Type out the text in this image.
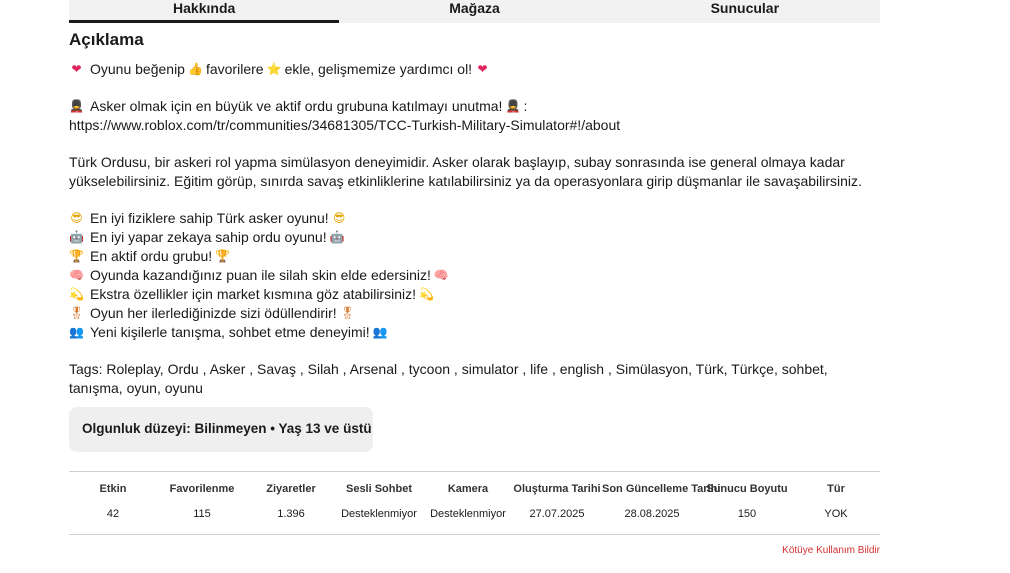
Hakkında	Mağaza	Sunucular
Açıklama
❤ Oyunu beğenip 👍 favorilere ⭐ ekle, gelişmemize yardımcı ol! ❤
💂 Asker olmak için en büyük ve aktif ordu grubuna katılmayı unutma! 💂 :
https://www.roblox.com/tr/communities/34681305/TCC-Turkish-Military-Simulator#!/about
Türk Ordusu, bir askeri rol yapma simülasyon deneyimidir. Asker olarak başlayıp, subay sonrasında ise general olmaya kadar yükselebilirsiniz. Eğitim görüp, sınırda savaş etkinliklerine katılabilirsiniz ya da operasyonlara girip düşmanlar ile savaşabilirsiniz.
😎 En iyi fiziklere sahip Türk asker oyunu! 😎
🤖 En iyi yapar zekaya sahip ordu oyunu! 🤖
🏆 En aktif ordu grubu! 🏆
🧠 Oyunda kazandığınız puan ile silah skin elde edersiniz! 🧠
💫 Ekstra özellikler için market kısmına göz atabilirsiniz! 💫
🎖 Oyun her ilerlediğinizde sizi ödüllendirir! 🎖
👥 Yeni kişilerle tanışma, sohbet etme deneyimi! 👥
Tags: Roleplay, Ordu , Asker , Savaş , Silah , Arsenal , tycoon , simulator , life , english , Simülasyon, Türk, Türkçe, sohbet, tanışma, oyun, oyunu
Olgunluk düzeyi: Bilinmeyen • Yaş 13 ve üstü
Etkin
42
Favorilenme
115
Ziyaretler
1.396
Sesli Sohbet
Desteklenmiyor
Kamera
Desteklenmiyor
Oluşturma Tarihi
27.07.2025
Son Güncelleme Tarihi
28.08.2025
Sunucu Boyutu
150
Tür
YOK
Kötüye Kullanım Bildir
